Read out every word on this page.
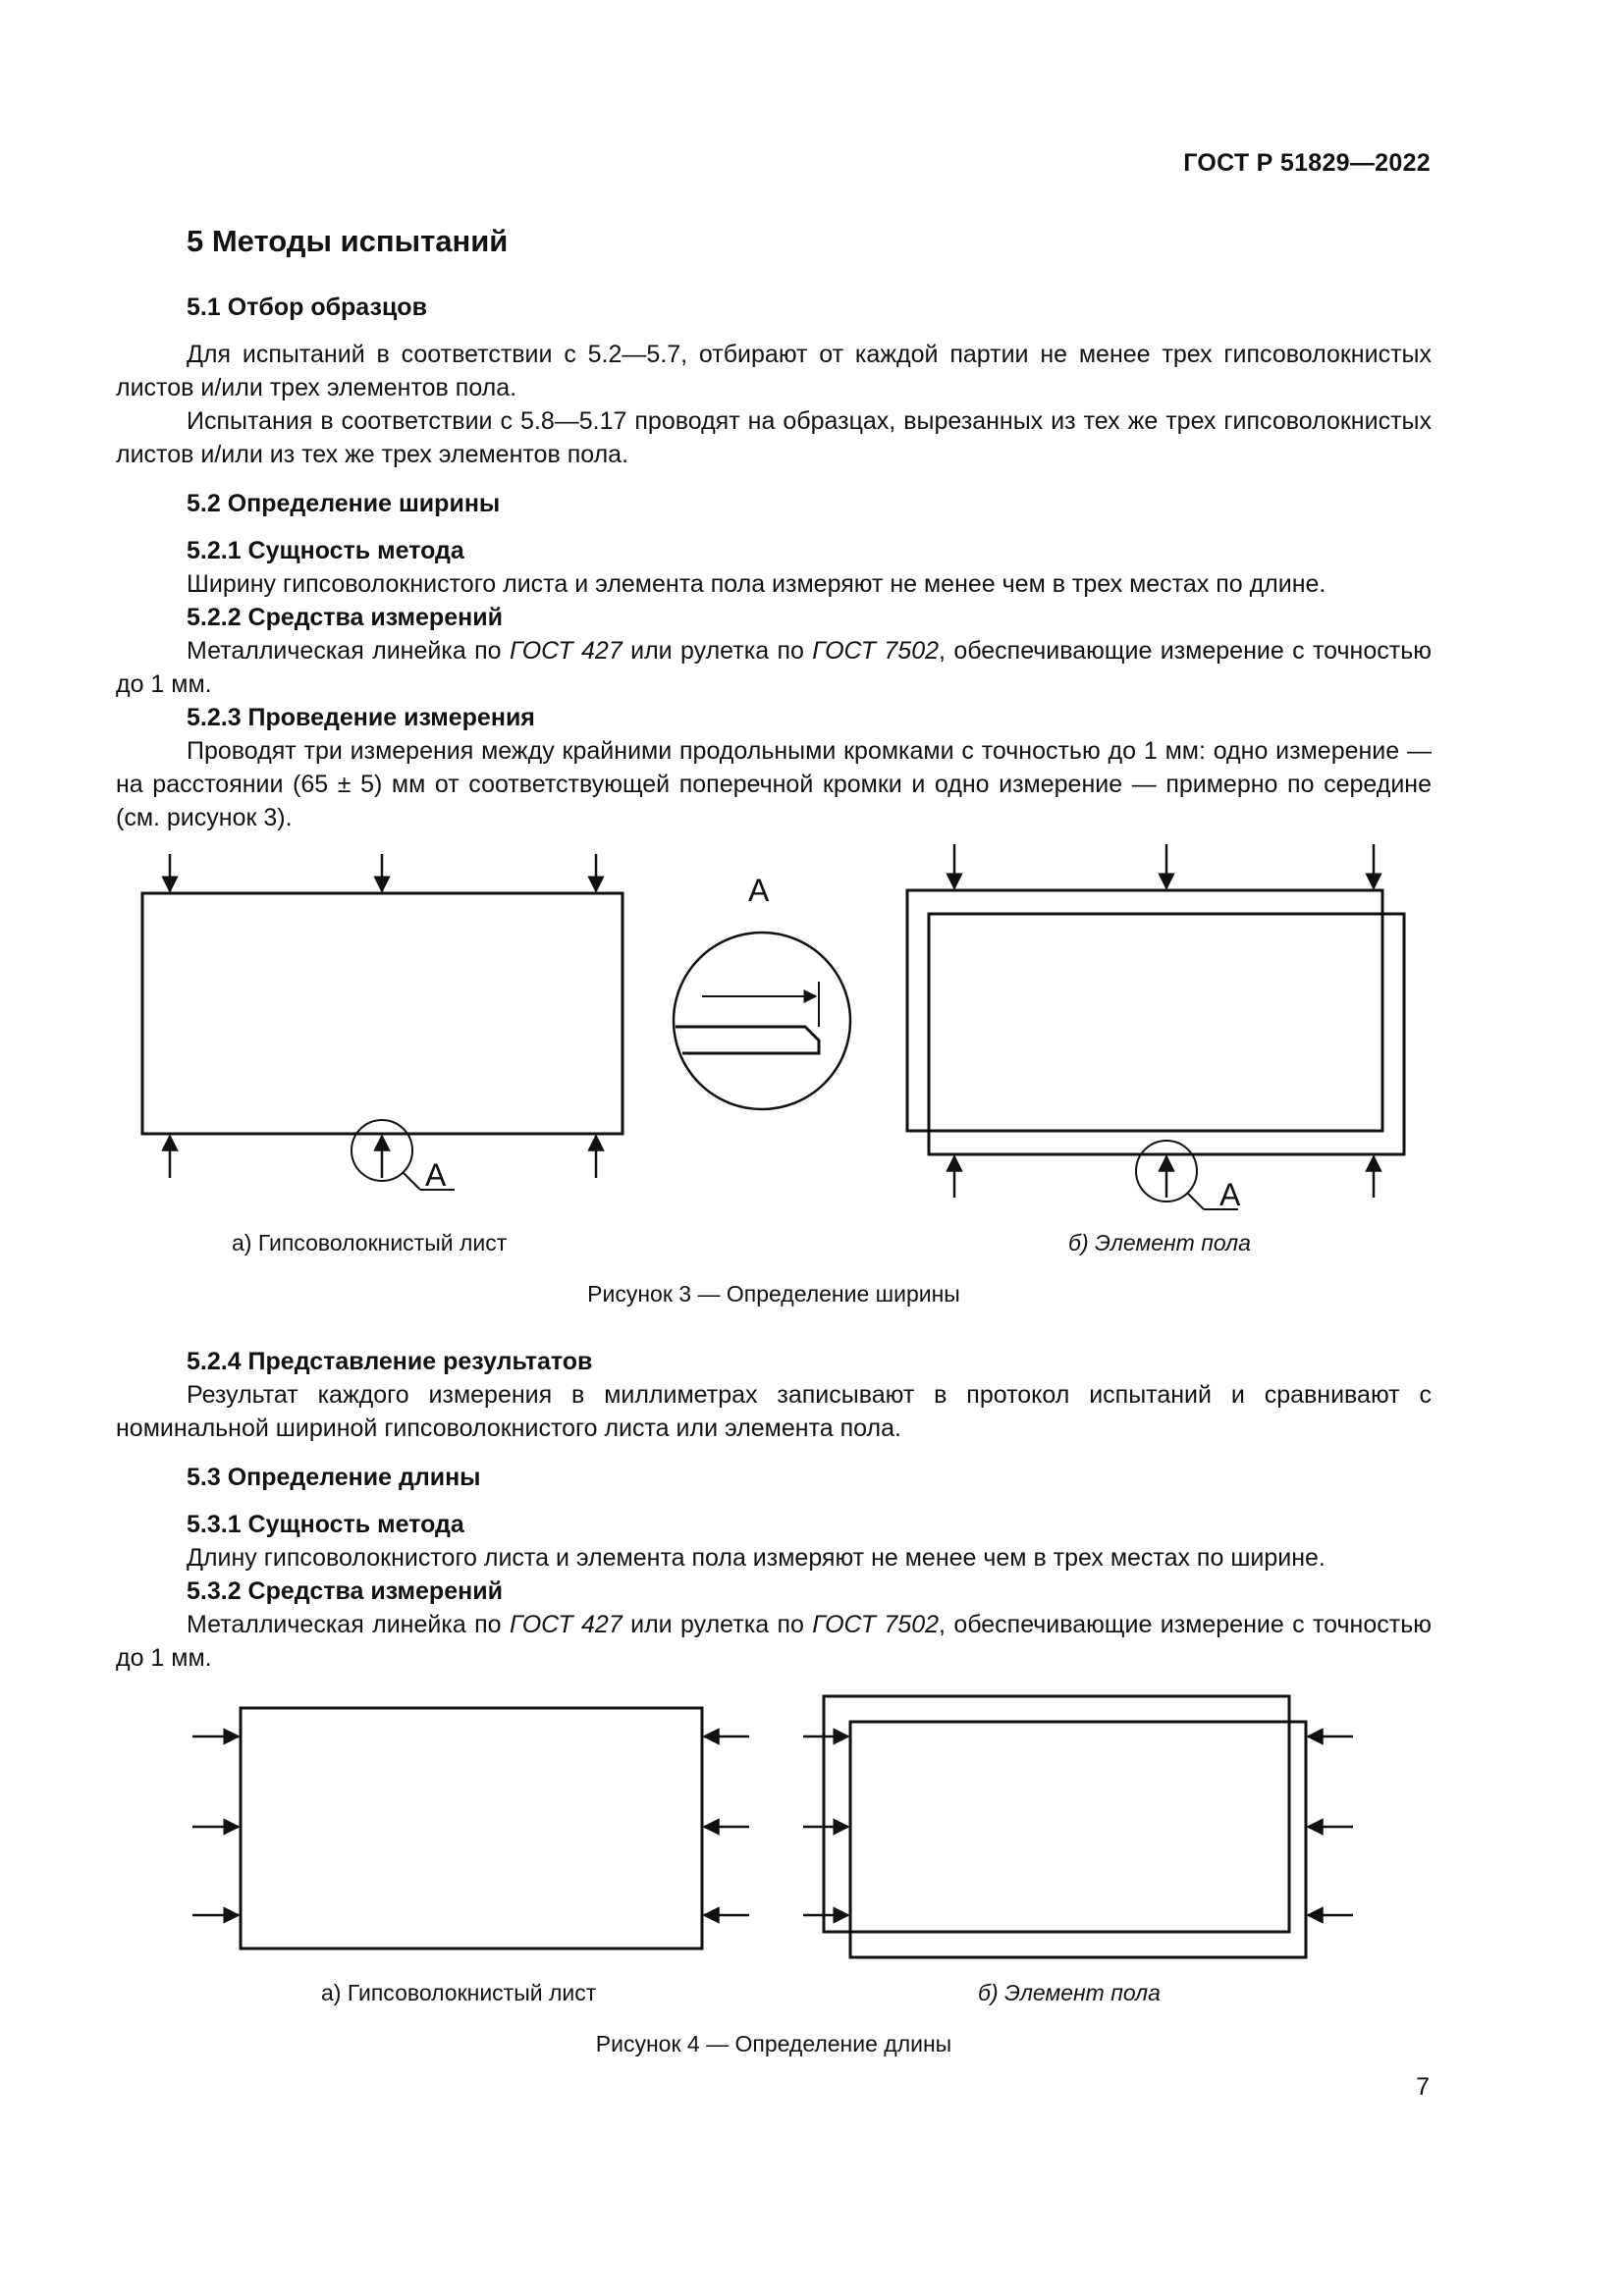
ГОСТ Р 51829—2022
5 Методы испытаний
5.1 Отбор образцов

Для испытаний в соответствии с 5.2—5.7, отбирают от каждой партии не менее трех гипсоволокнистых листов и/или трех элементов пола.

Испытания в соответствии с 5.8—5.17 проводят на образцах, вырезанных из тех же трех гипсоволокнистых листов и/или из тех же трех элементов пола.

5.2 Определение ширины
5.2.1 Сущность метода

Ширину гипсоволокнистого листа и элемента пола измеряют не менее чем в трех местах по длине.

5.2.2 Средства измерений

Металлическая линейка по ГОСТ 427 или рулетка по ГОСТ 7502, обеспечивающие измерение с точностью до 1 мм.

5.2.3 Проведение измерения

Проводят три измерения между крайними продольными кромками с точностью до 1 мм: одно измерение — на расстоянии (65 ± 5) мм от соответствующей поперечной кромки и одно измерение — примерно по середине (см. рисунок 3).

А
А
А
а) Гипсоволокнистый лист	б) Элемент пола

Рисунок 3 — Определение ширины

5.2.4 Представление результатов

Результат каждого измерения в миллиметрах записывают в протокол испытаний и сравнивают с номинальной шириной гипсоволокнистого листа или элемента пола.

5.3 Определение длины
5.3.1 Сущность метода

Длину гипсоволокнистого листа и элемента пола измеряют не менее чем в трех местах по ширине.

5.3.2 Средства измерений

Металлическая линейка по ГОСТ 427 или рулетка по ГОСТ 7502, обеспечивающие измерение с точностью до 1 мм.

а) Гипсоволокнистый лист	б) Элемент пола

Рисунок 4 — Определение длины

7
